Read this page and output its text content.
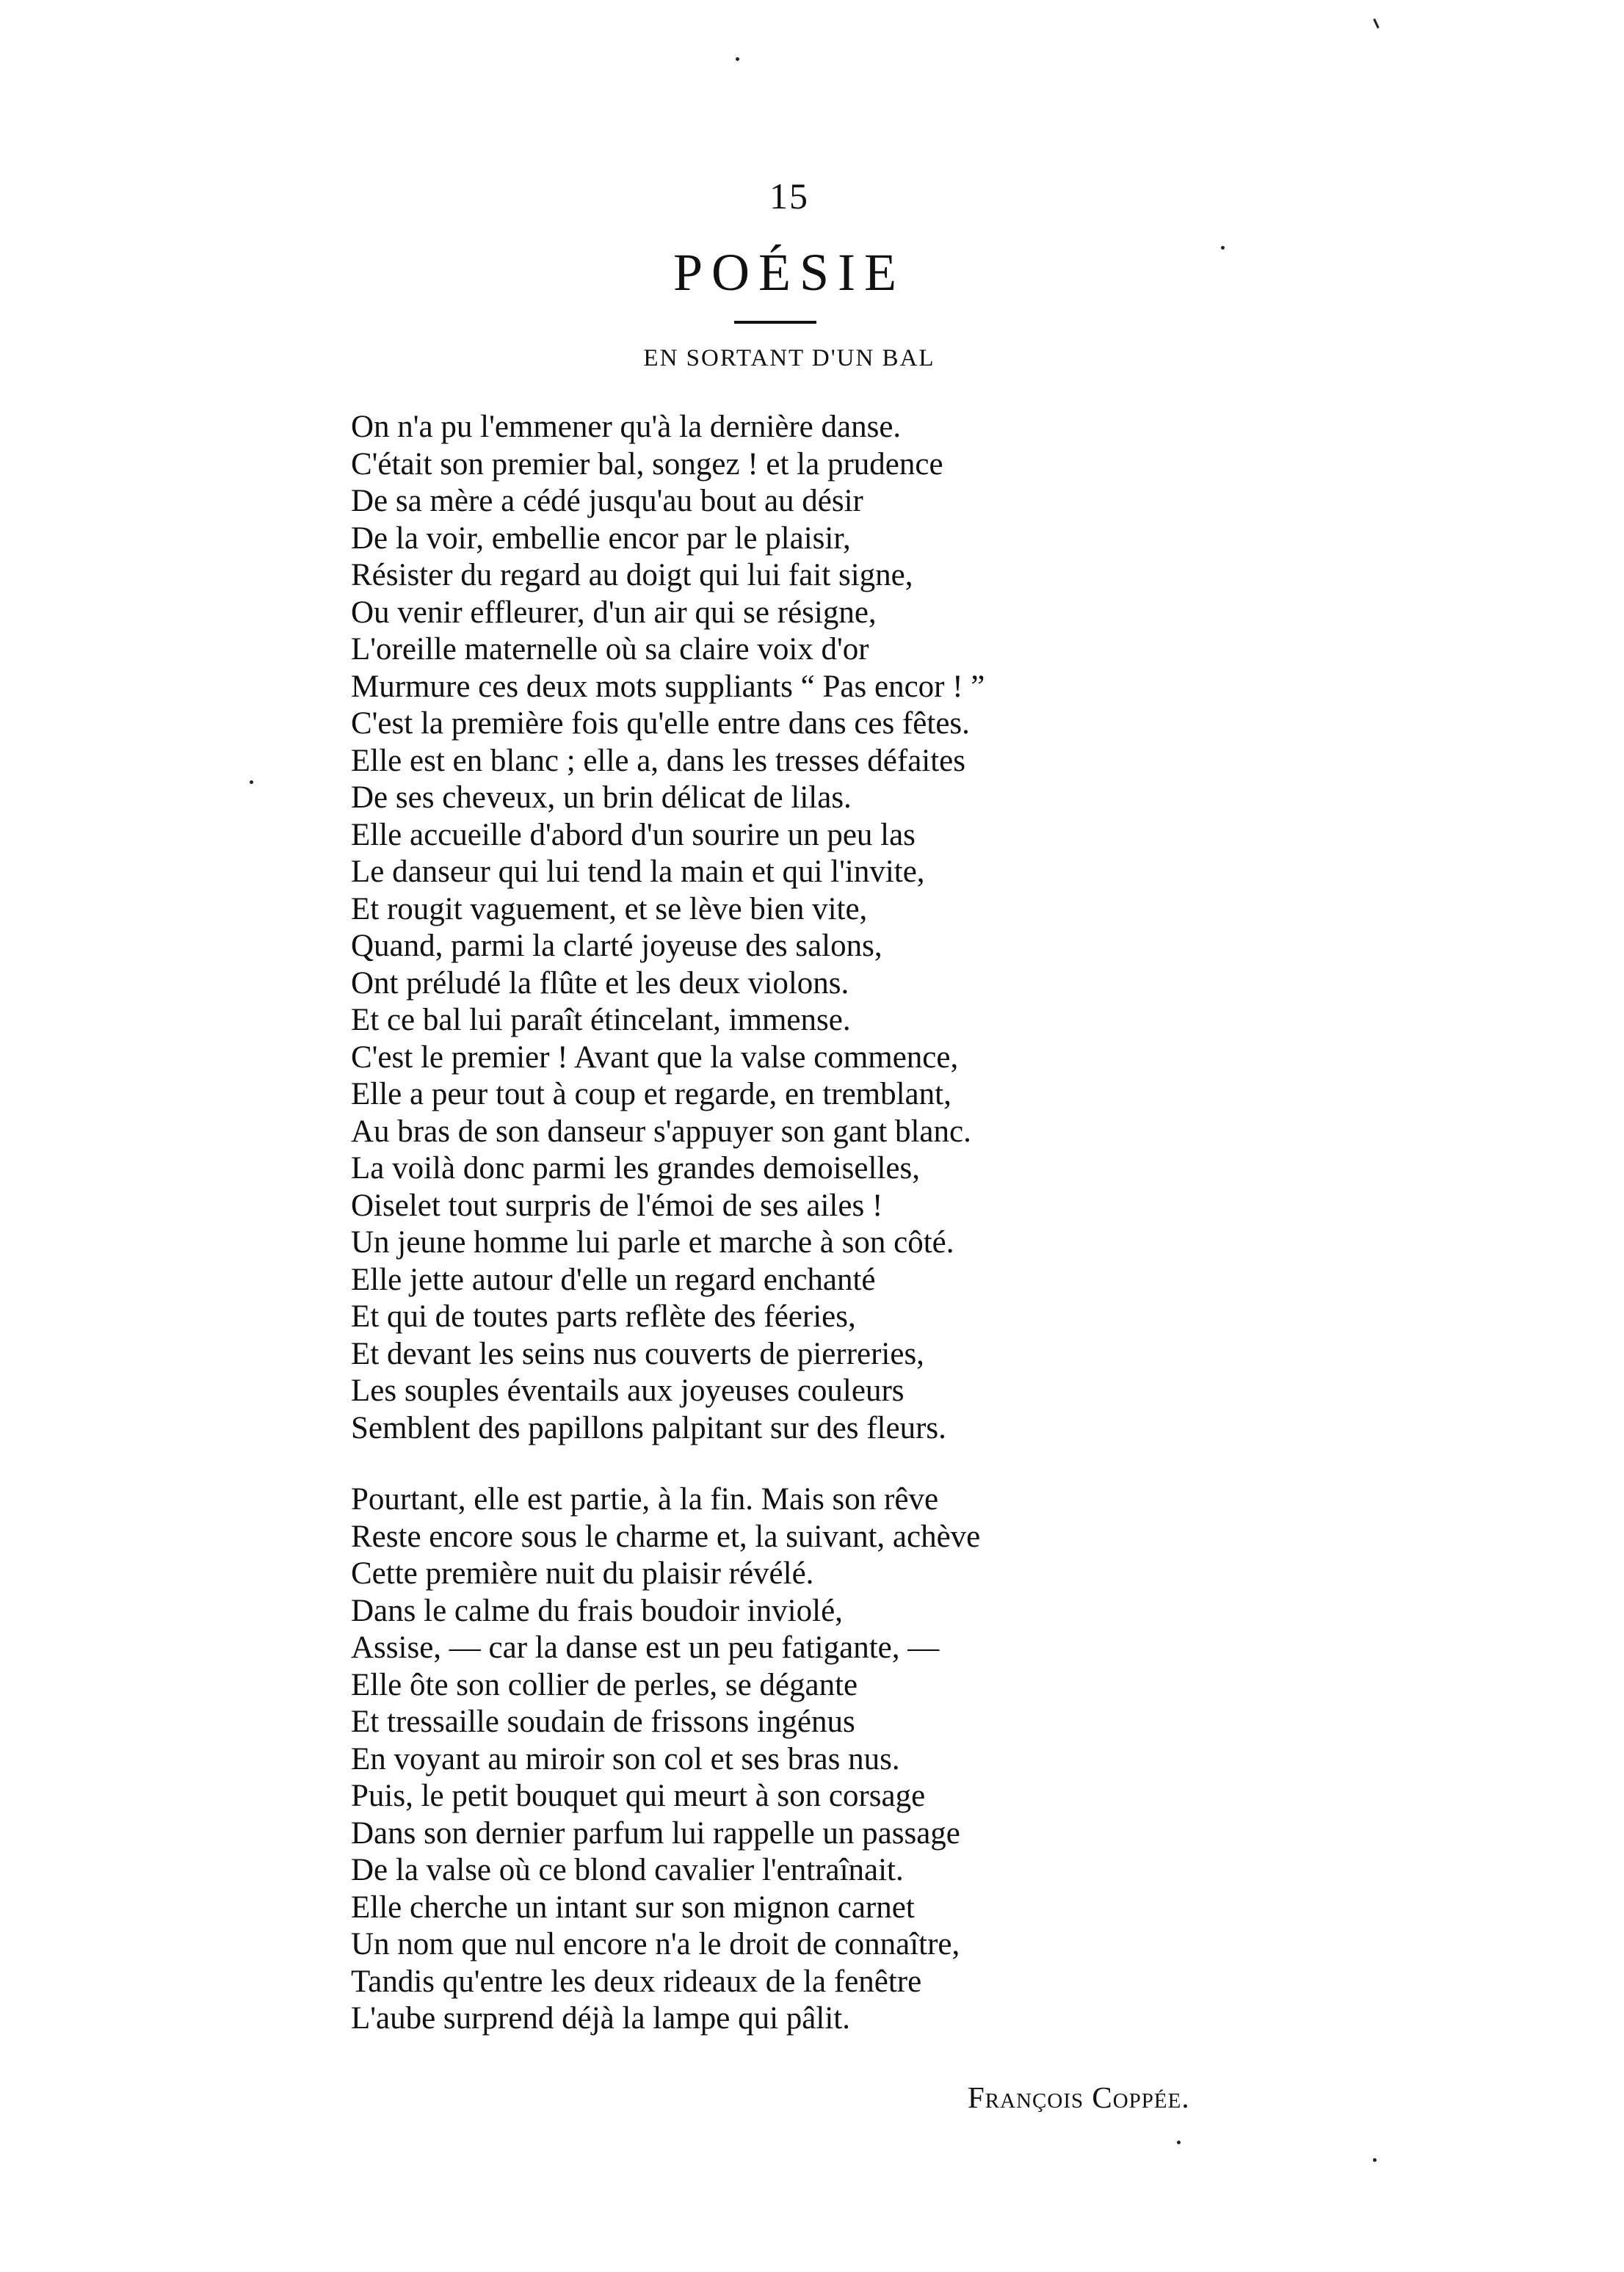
15
POÉSIE
EN SORTANT D'UN BAL
On n'a pu l'emmener qu'à la dernière danse.
C'était son premier bal, songez ! et la prudence
De sa mère a cédé jusqu'au bout au désir
De la voir, embellie encor par le plaisir,
Résister du regard au doigt qui lui fait signe,
Ou venir effleurer, d'un air qui se résigne,
L'oreille maternelle où sa claire voix d'or
Murmure ces deux mots suppliants “ Pas encor ! ”
C'est la première fois qu'elle entre dans ces fêtes.
Elle est en blanc ; elle a, dans les tresses défaites
De ses cheveux, un brin délicat de lilas.
Elle accueille d'abord d'un sourire un peu las
Le danseur qui lui tend la main et qui l'invite,
Et rougit vaguement, et se lève bien vite,
Quand, parmi la clarté joyeuse des salons,
Ont préludé la flûte et les deux violons.
Et ce bal lui paraît étincelant, immense.
C'est le premier ! Avant que la valse commence,
Elle a peur tout à coup et regarde, en tremblant,
Au bras de son danseur s'appuyer son gant blanc.
La voilà donc parmi les grandes demoiselles,
Oiselet tout surpris de l'émoi de ses ailes !
Un jeune homme lui parle et marche à son côté.
Elle jette autour d'elle un regard enchanté
Et qui de toutes parts reflète des féeries,
Et devant les seins nus couverts de pierreries,
Les souples éventails aux joyeuses couleurs
Semblent des papillons palpitant sur des fleurs.
Pourtant, elle est partie, à la fin. Mais son rêve
Reste encore sous le charme et, la suivant, achève
Cette première nuit du plaisir révélé.
Dans le calme du frais boudoir inviolé,
Assise, — car la danse est un peu fatigante, —
Elle ôte son collier de perles, se dégante
Et tressaille soudain de frissons ingénus
En voyant au miroir son col et ses bras nus.
Puis, le petit bouquet qui meurt à son corsage
Dans son dernier parfum lui rappelle un passage
De la valse où ce blond cavalier l'entraînait.
Elle cherche un intant sur son mignon carnet
Un nom que nul encore n'a le droit de connaître,
Tandis qu'entre les deux rideaux de la fenêtre
L'aube surprend déjà la lampe qui pâlit.
François Coppée.
